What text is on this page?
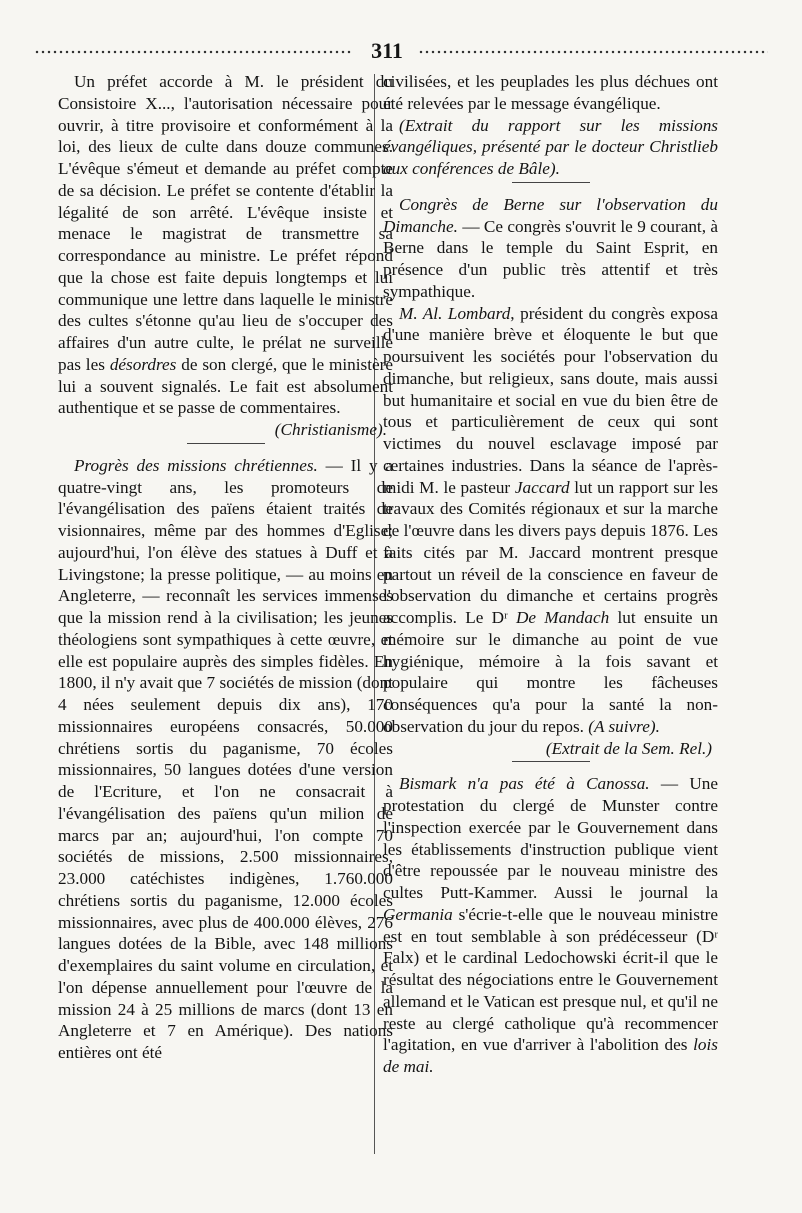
311

Un préfet accorde à M. le président du Consistoire X..., l'autorisation nécessaire pour ouvrir, à titre provisoire et conformément à la loi, des lieux de culte dans douze communes. L'évêque s'émeut et demande au préfet compte de sa décision. Le préfet se contente d'établir la légalité de son arrêté. L'évêque insiste et menace le magistrat de transmettre sa correspondance au ministre. Le préfet répond que la chose est faite depuis longtemps et lui communique une lettre dans laquelle le ministre des cultes s'étonne qu'au lieu de s'occuper des affaires d'un autre culte, le prélat ne surveille pas les désordres de son clergé, que le ministère lui a souvent signalés. Le fait est absolument authentique et se passe de commentaires.

(Christianisme).

Progrès des missions chrétiennes. — Il y a quatre-vingt ans, les promoteurs de l'évangélisation des païens étaient traités de visionnaires, même par des hommes d'Eglise; aujourd'hui, l'on élève des statues à Duff et à Livingstone; la presse politique, — au moins en Angleterre, — reconnaît les services immenses que la mission rend à la civilisation; les jeunes théologiens sont sympathiques à cette œuvre, et elle est populaire auprès des simples fidèles. En 1800, il n'y avait que 7 sociétés de mission (dont 4 nées seulement depuis dix ans), 170 missionnaires européens consacrés, 50.000 chrétiens sortis du paganisme, 70 écoles missionnaires, 50 langues dotées d'une version de l'Ecriture, et l'on ne consacrait à l'évangélisation des païens qu'un milion de marcs par an; aujourd'hui, l'on compte 70 sociétés de missions, 2.500 missionnaires, 23.000 catéchistes indigènes, 1.760.000 chrétiens sortis du paganisme, 12.000 écoles missionnaires, avec plus de 400.000 élèves, 276 langues dotées de la Bible, avec 148 millions d'exemplaires du saint volume en circulation, et l'on dépense annuellement pour l'œuvre de la mission 24 à 25 millions de marcs (dont 13 en Angleterre et 7 en Amérique). Des nations entières ont été

civilisées, et les peuplades les plus déchues ont été relevées par le message évangélique.

(Extrait du rapport sur les missions évangéliques, présenté par le docteur Christlieb aux conférences de Bâle).

Congrès de Berne sur l'observation du Dimanche. — Ce congrès s'ouvrit le 9 courant, à Berne dans le temple du Saint Esprit, en présence d'un public très attentif et très sympathique.

M. Al. Lombard, président du congrès exposa d'une manière brève et éloquente le but que poursuivent les sociétés pour l'observation du dimanche, but religieux, sans doute, mais aussi but humanitaire et social en vue du bien être de tous et particulièrement de ceux qui sont victimes du nouvel esclavage imposé par certaines industries. Dans la séance de l'après-midi M. le pasteur Jaccard lut un rapport sur les travaux des Comités régionaux et sur la marche de l'œuvre dans les divers pays depuis 1876. Les faits cités par M. Jaccard montrent presque partout un réveil de la conscience en faveur de l'observation du dimanche et certains progrès accomplis. Le Dʳ De Mandach lut ensuite un mémoire sur le dimanche au point de vue hygiénique, mémoire à la fois savant et populaire qui montre les fâcheuses conséquences qu'a pour la santé la non-observation du jour du repos. (A suivre).

(Extrait de la Sem. Rel.)

Bismark n'a pas été à Canossa. — Une protestation du clergé de Munster contre l'inspection exercée par le Gouvernement dans les établissements d'instruction publique vient d'être repoussée par le nouveau ministre des cultes Putt-Kammer. Aussi le journal la Germania s'écrie-t-elle que le nouveau ministre est en tout semblable à son prédécesseur (Dʳ Falx) et le cardinal Ledochowski écrit-il que le résultat des négociations entre le Gouvernement allemand et le Vatican est presque nul, et qu'il ne reste au clergé catholique qu'à recommencer l'agitation, en vue d'arriver à l'abolition des lois de mai.
